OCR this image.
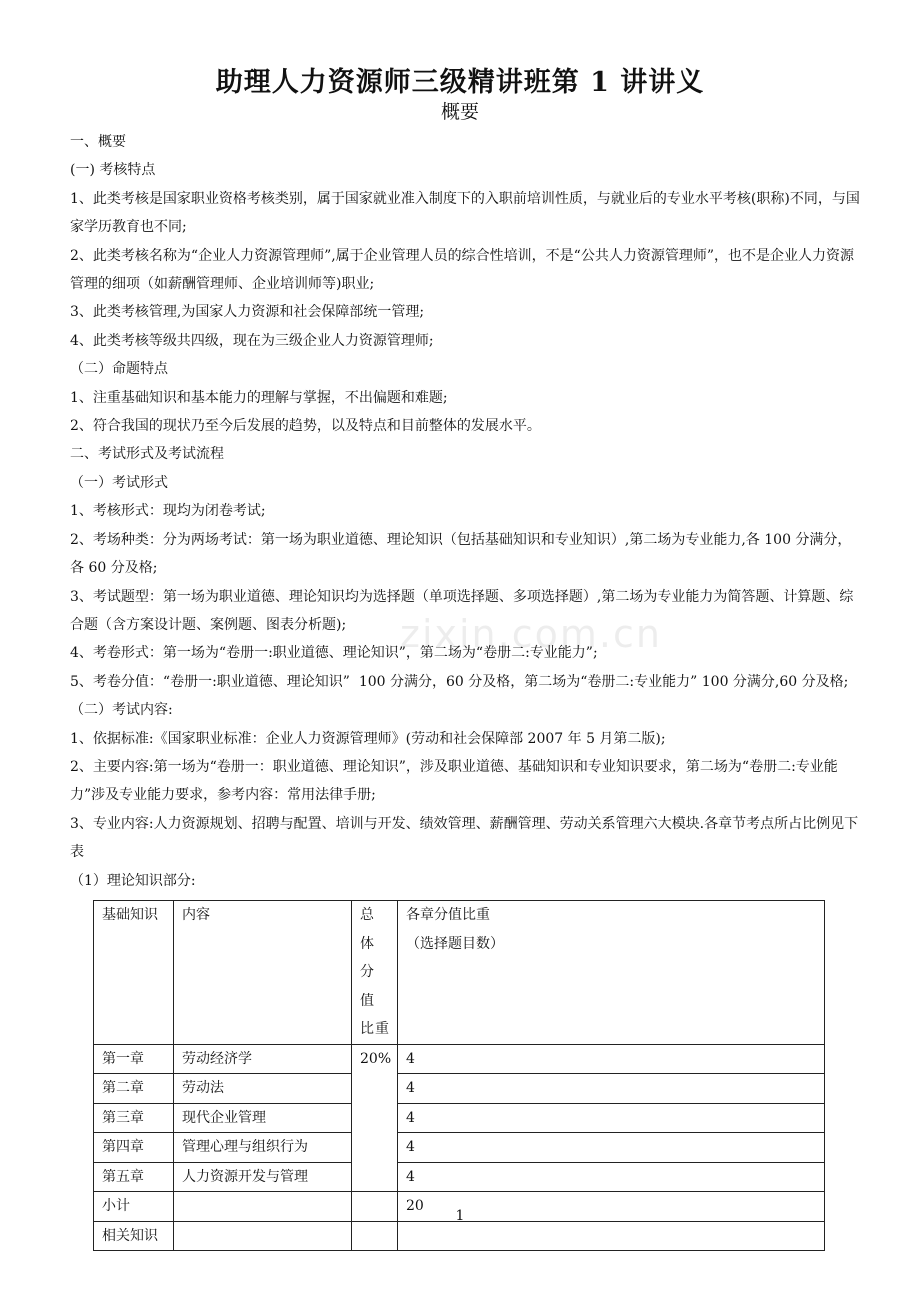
助理人力资源师三级精讲班第 1 讲讲义
概要

一、概要

(一) 考核特点

1、此类考核是国家职业资格考核类别，属于国家就业准入制度下的入职前培训性质，与就业后的专业水平考核(职称)不同，与国家学历教育也不同;

2、此类考核名称为“企业人力资源管理师”,属于企业管理人员的综合性培训，不是“公共人力资源管理师”，也不是企业人力资源管理的细项（如薪酬管理师、企业培训师等)职业;

3、此类考核管理,为国家人力资源和社会保障部统一管理;

4、此类考核等级共四级，现在为三级企业人力资源管理师;

（二）命题特点

1、注重基础知识和基本能力的理解与掌握，不出偏题和难题;

2、符合我国的现状乃至今后发展的趋势，以及特点和目前整体的发展水平。

二、考试形式及考试流程

（一）考试形式

1、考核形式：现均为闭卷考试;

2、考场种类：分为两场考试：第一场为职业道德、理论知识（包括基础知识和专业知识）,第二场为专业能力,各 100 分满分，各 60 分及格;

3、考试题型：第一场为职业道德、理论知识均为选择题（单项选择题、多项选择题）,第二场为专业能力为简答题、计算题、综合题（含方案设计题、案例题、图表分析题);

4、考卷形式：第一场为“卷册一:职业道德、理论知识”，第二场为“卷册二:专业能力”;

5、考卷分值：“卷册一:职业道德、理论知识”  100 分满分，60 分及格，第二场为“卷册二:专业能力” 100 分满分,60 分及格;

（二）考试内容:

1、依据标准:《国家职业标准：企业人力资源管理师》(劳动和社会保障部 2007 年 5 月第二版);

2、主要内容:第一场为“卷册一：职业道德、理论知识”，涉及职业道德、基础知识和专业知识要求，第二场为“卷册二:专业能力”涉及专业能力要求，参考内容：常用法律手册;

3、专业内容:人力资源规划、招聘与配置、培训与开发、绩效管理、薪酬管理、劳动关系管理六大模块.各章节考点所占比例见下表

（1）理论知识部分:

基础知识	内容	总 体 分 值 比重	各章分值比重
（选择题目数）

第一章	劳动经济学	20%	4
第二章	劳动法		4
第三章	现代企业管理		4
第四章	管理心理与组织行为		4
第五章	人力资源开发与管理		4
小计			20
相关知识			
zixin.com.cn
1
